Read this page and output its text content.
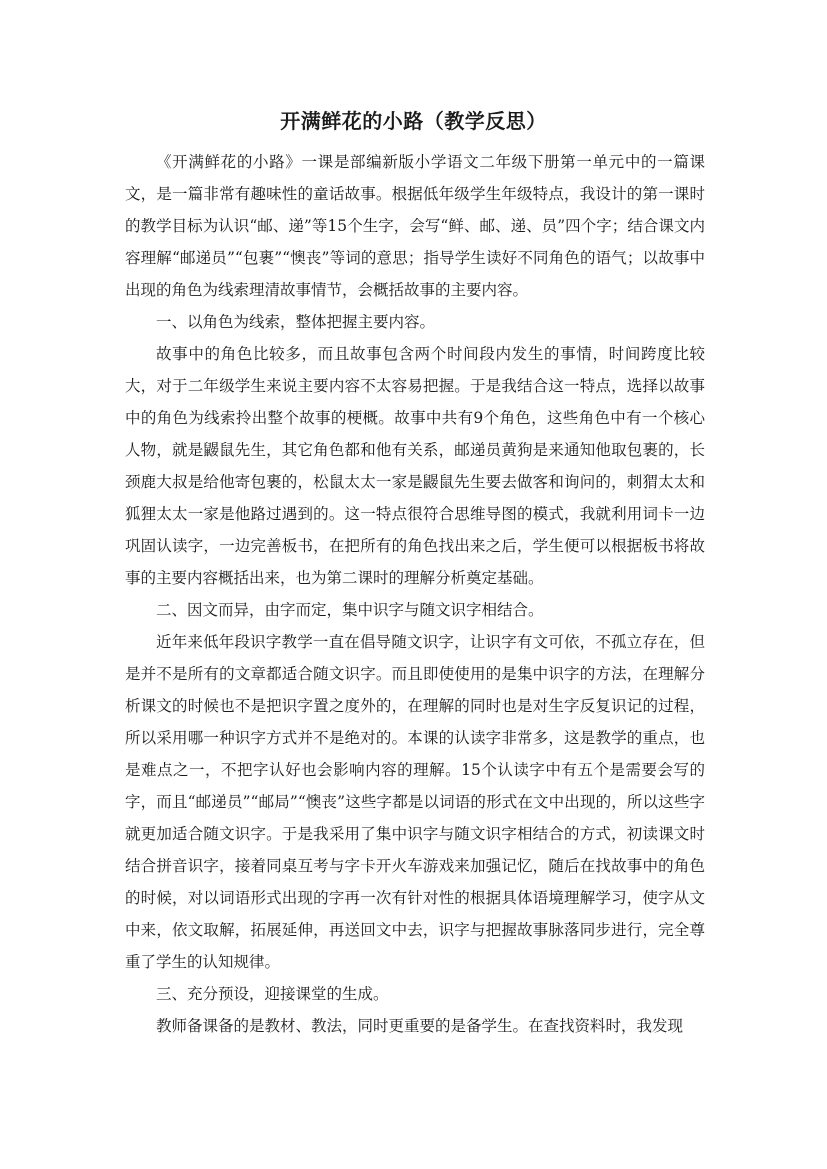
开满鲜花的小路（教学反思）

《开满鲜花的小路》一课是部编新版小学语文二年级下册第一单元中的一篇课文，是一篇非常有趣味性的童话故事。根据低年级学生年级特点，我设计的第一课时的教学目标为认识“邮、递”等15个生字，会写“鲜、邮、递、员”四个字；结合课文内容理解“邮递员”“包裹”“懊丧”等词的意思；指导学生读好不同角色的语气；以故事中出现的角色为线索理清故事情节，会概括故事的主要内容。

一、以角色为线索，整体把握主要内容。

故事中的角色比较多，而且故事包含两个时间段内发生的事情，时间跨度比较大，对于二年级学生来说主要内容不太容易把握。于是我结合这一特点，选择以故事中的角色为线索拎出整个故事的梗概。故事中共有9个角色，这些角色中有一个核心人物，就是鼹鼠先生，其它角色都和他有关系，邮递员黄狗是来通知他取包裹的，长颈鹿大叔是给他寄包裹的，松鼠太太一家是鼹鼠先生要去做客和询问的，刺猬太太和狐狸太太一家是他路过遇到的。这一特点很符合思维导图的模式，我就利用词卡一边巩固认读字，一边完善板书，在把所有的角色找出来之后，学生便可以根据板书将故事的主要内容概括出来，也为第二课时的理解分析奠定基础。

二、因文而异，由字而定，集中识字与随文识字相结合。

近年来低年段识字教学一直在倡导随文识字，让识字有文可依，不孤立存在，但是并不是所有的文章都适合随文识字。而且即使使用的是集中识字的方法，在理解分析课文的时候也不是把识字置之度外的，在理解的同时也是对生字反复识记的过程，所以采用哪一种识字方式并不是绝对的。本课的认读字非常多，这是教学的重点，也是难点之一，不把字认好也会影响内容的理解。15个认读字中有五个是需要会写的字，而且“邮递员”“邮局”“懊丧”这些字都是以词语的形式在文中出现的，所以这些字就更加适合随文识字。于是我采用了集中识字与随文识字相结合的方式，初读课文时结合拼音识字，接着同桌互考与字卡开火车游戏来加强记忆，随后在找故事中的角色的时候，对以词语形式出现的字再一次有针对性的根据具体语境理解学习，使字从文中来，依文取解，拓展延伸，再送回文中去，识字与把握故事脉落同步进行，完全尊重了学生的认知规律。

三、充分预设，迎接课堂的生成。

教师备课备的是教材、教法，同时更重要的是备学生。在查找资料时，我发现
